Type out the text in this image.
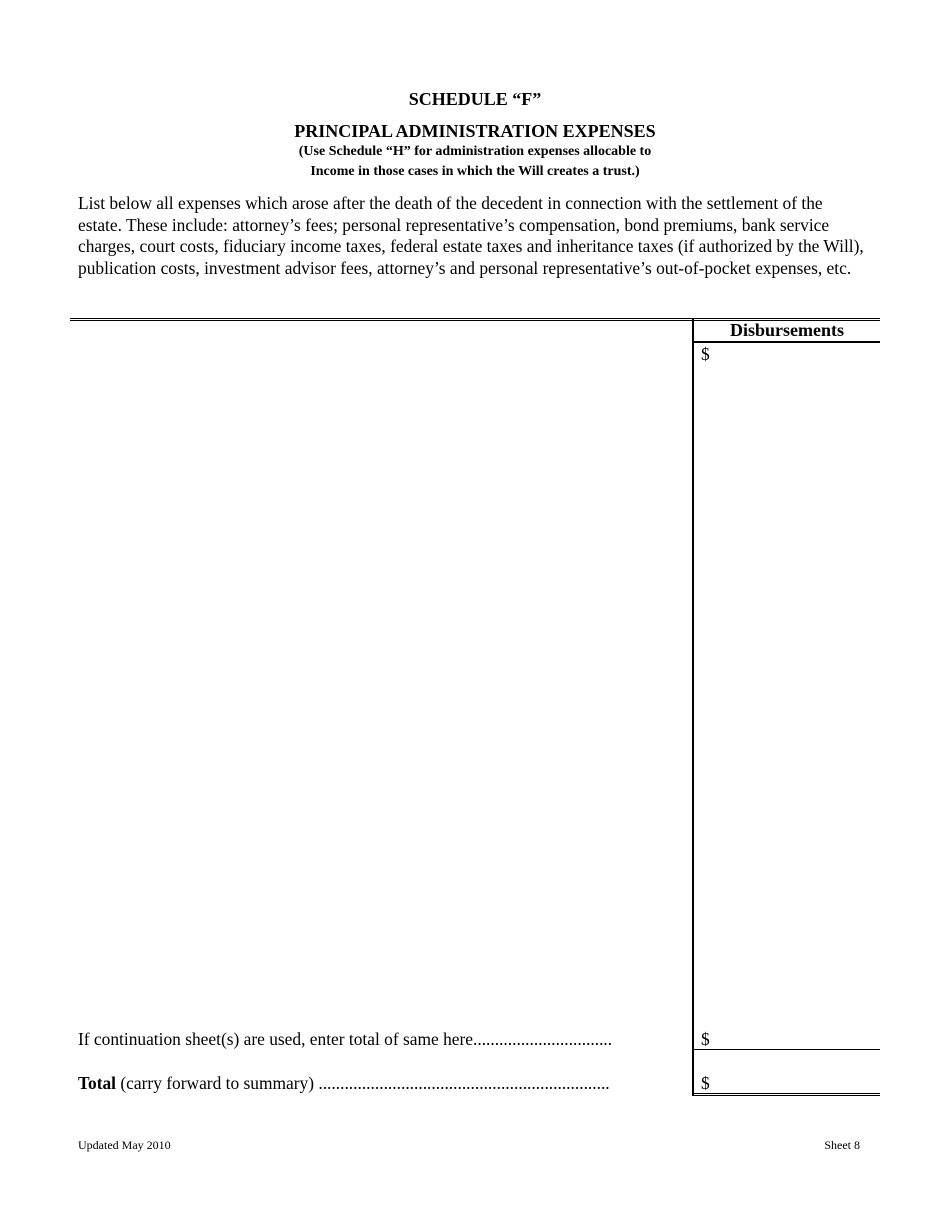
SCHEDULE “F”
PRINCIPAL ADMINISTRATION EXPENSES
(Use Schedule “H” for administration expenses allocable to
Income in those cases in which the Will creates a trust.)
List below all expenses which arose after the death of the decedent in connection with the settlement of the estate. These include: attorney’s fees; personal representative’s compensation, bond premiums, bank service charges, court costs, fiduciary income taxes, federal estate taxes and inheritance taxes (if authorized by the Will), publication costs, investment advisor fees, attorney’s and personal representative’s out-of-pocket expenses, etc.
Disbursements
$
If continuation sheet(s) are used, enter total of same here................................	$
Total (carry forward to summary) ...................................................................	$
Updated May 2010	Sheet 8
